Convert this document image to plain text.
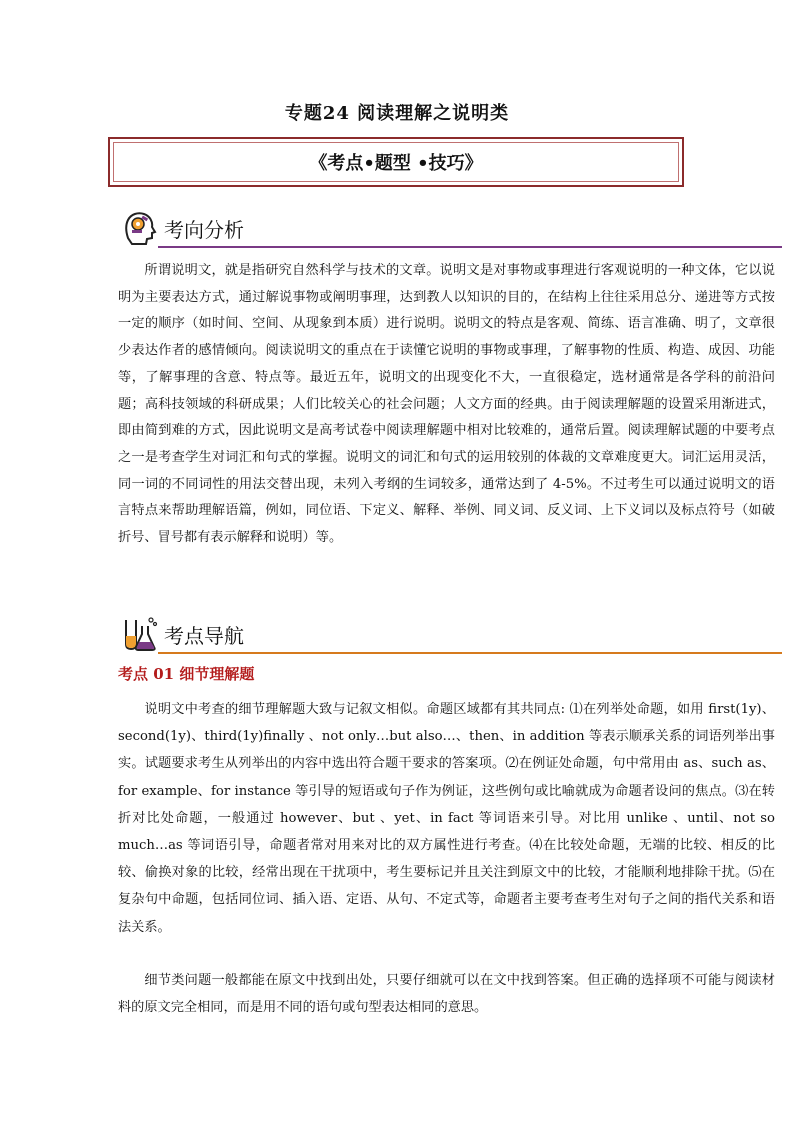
专题24 阅读理解之说明类
《考点•题型 •技巧》
考向分析

所谓说明文，就是指研究自然科学与技术的文章。说明文是对事物或事理进行客观说明的一种文体，它以说明为主要表达方式，通过解说事物或阐明事理，达到教人以知识的目的，在结构上往往采用总分、递进等方式按一定的顺序（如时间、空间、从现象到本质）进行说明。说明文的特点是客观、简练、语言准确、明了，文章很少表达作者的感情倾向。阅读说明文的重点在于读懂它说明的事物或事理，了解事物的性质、构造、成因、功能等，了解事理的含意、特点等。最近五年，说明文的出现变化不大，一直很稳定，选材通常是各学科的前沿问题；高科技领域的科研成果；人们比较关心的社会问题；人文方面的经典。由于阅读理解题的设置采用渐进式，即由简到难的方式，因此说明文是高考试卷中阅读理解题中相对比较难的，通常后置。阅读理解试题的中要考点之一是考查学生对词汇和句式的掌握。说明文的词汇和句式的运用较别的体裁的文章难度更大。词汇运用灵活，同一词的不同词性的用法交替出现，未列入考纲的生词较多，通常达到了 4-5%。不过考生可以通过说明文的语言特点来帮助理解语篇，例如，同位语、下定义、解释、举例、同义词、反义词、上下义词以及标点符号（如破折号、冒号都有表示解释和说明）等。

考点导航
考点 01 细节理解题

说明文中考查的细节理解题大致与记叙文相似。命题区域都有其共同点: ⑴在列举处命题，如用 first(1y)、second(1y)、third(1y)finally 、not only…but also…、then、in addition 等表示顺承关系的词语列举出事实。试题要求考生从列举出的内容中选出符合题干要求的答案项。⑵在例证处命题，句中常用由 as、such as、for example、for instance 等引导的短语或句子作为例证，这些例句或比喻就成为命题者设问的焦点。⑶在转折对比处命题，一般通过 however、but 、yet、in fact 等词语来引导。对比用 unlike 、until、not so much…as 等词语引导，命题者常对用来对比的双方属性进行考查。⑷在比较处命题，无端的比较、相反的比较、偷换对象的比较，经常出现在干扰项中，考生要标记并且关注到原文中的比较，才能顺利地排除干扰。⑸在复杂句中命题，包括同位词、插入语、定语、从句、不定式等，命题者主要考查考生对句子之间的指代关系和语法关系。

细节类问题一般都能在原文中找到出处，只要仔细就可以在文中找到答案。但正确的选择项不可能与阅读材料的原文完全相同，而是用不同的语句或句型表达相同的意思。
